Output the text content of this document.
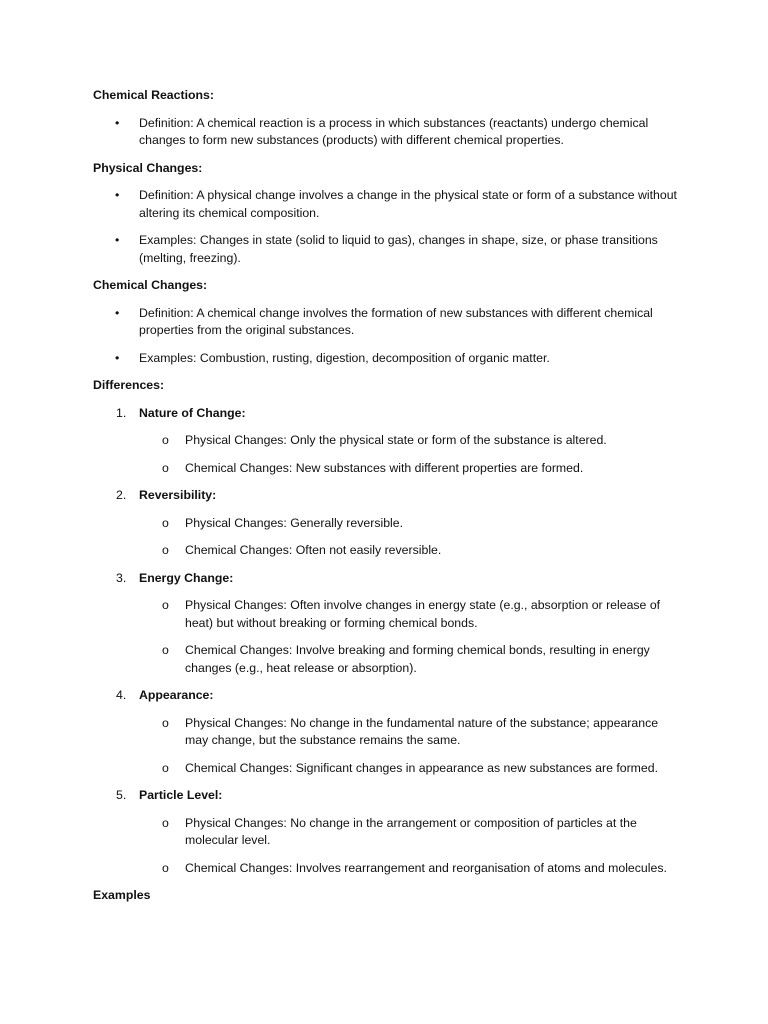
Chemical Reactions:
• Definition: A chemical reaction is a process in which substances (reactants) undergo chemical changes to form new substances (products) with different chemical properties.
Physical Changes:
• Definition: A physical change involves a change in the physical state or form of a substance without altering its chemical composition.
• Examples: Changes in state (solid to liquid to gas), changes in shape, size, or phase transitions (melting, freezing).
Chemical Changes:
• Definition: A chemical change involves the formation of new substances with different chemical properties from the original substances.
• Examples: Combustion, rusting, digestion, decomposition of organic matter.
Differences:
1. Nature of Change:
o Physical Changes: Only the physical state or form of the substance is altered.
o Chemical Changes: New substances with different properties are formed.
2. Reversibility:
o Physical Changes: Generally reversible.
o Chemical Changes: Often not easily reversible.
3. Energy Change:
o Physical Changes: Often involve changes in energy state (e.g., absorption or release of heat) but without breaking or forming chemical bonds.
o Chemical Changes: Involve breaking and forming chemical bonds, resulting in energy changes (e.g., heat release or absorption).
4. Appearance:
o Physical Changes: No change in the fundamental nature of the substance; appearance may change, but the substance remains the same.
o Chemical Changes: Significant changes in appearance as new substances are formed.
5. Particle Level:
o Physical Changes: No change in the arrangement or composition of particles at the molecular level.
o Chemical Changes: Involves rearrangement and reorganisation of atoms and molecules.
Examples
